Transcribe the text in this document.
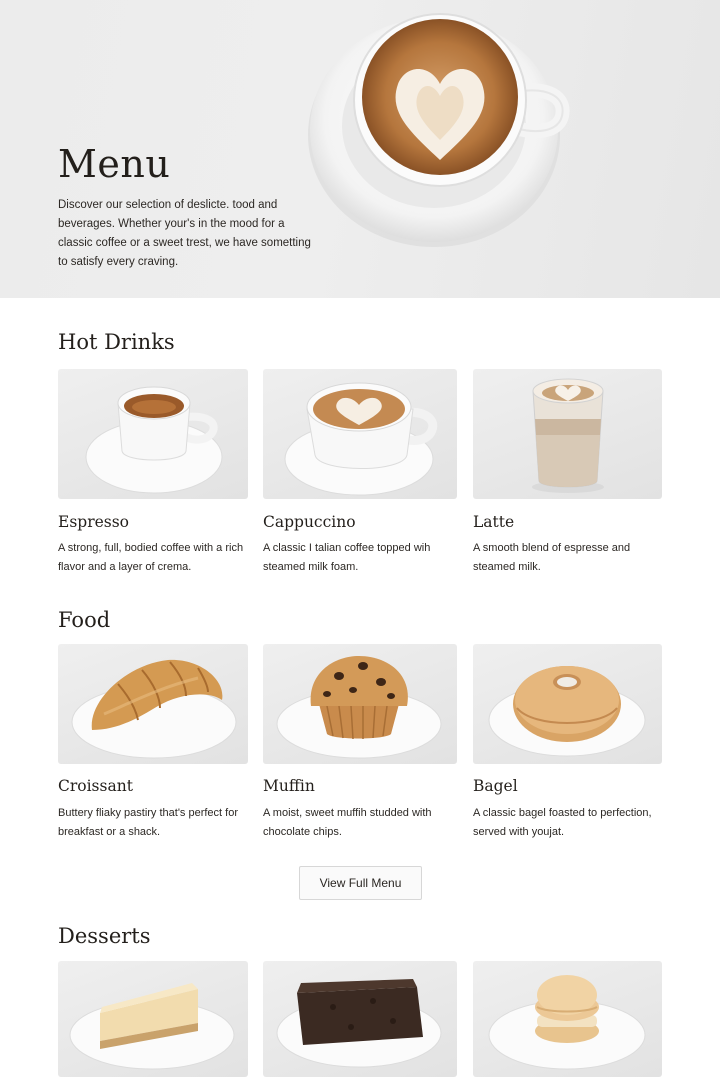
Menu

Discover our selection of deslicte. tood and beverages. Whether your's in the mood for a classic coffee or a sweet trest, we have sometting to satisfy every craving.

Hot Drinks
Espresso
A strong, full, bodied coffee with a rich flavor and a layer of crema.
Cappuccino
A classic I talian coffee topped wih steamed milk foam.
Latte
A smooth blend of espresse and steamed milk.
Food
Croissant
Buttery fliaky pastiry that's perfect for breakfast or a shack.
Muffin
A moist, sweet muffih studded with chocolate chips.
Bagel
A classic bagel foasted to perfection, served with youjat.
View Full Menu
Desserts
